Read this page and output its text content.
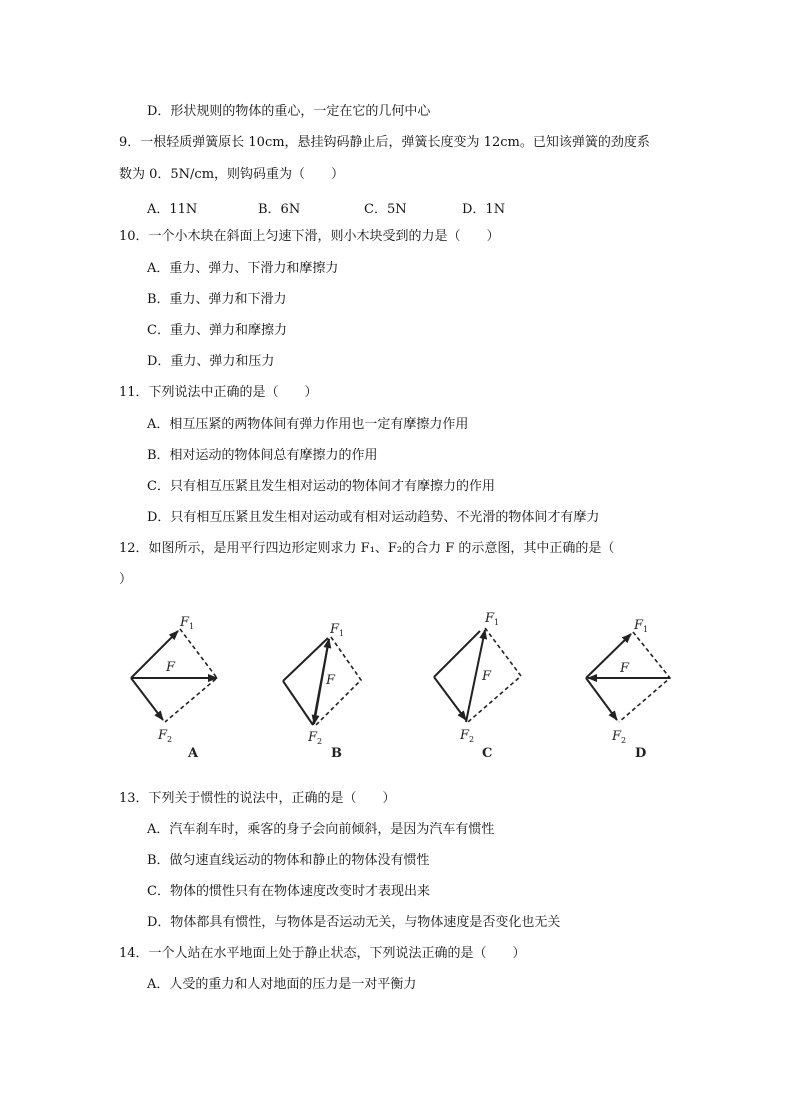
D．形状规则的物体的重心，一定在它的几何中心
9．一根轻质弹簧原长 10cm，悬挂钩码静止后，弹簧长度变为 12cm。已知该弹簧的劲度系
数为 0．5N/cm，则钩码重为（　　）
A．11N	B．6N	C．5N	D．1N
10．一个小木块在斜面上匀速下滑，则小木块受到的力是（　　）
A．重力、弹力、下滑力和摩擦力
B．重力、弹力和下滑力
C．重力、弹力和摩擦力
D．重力、弹力和压力
11．下列说法中正确的是（　　）
A．相互压紧的两物体间有弹力作用也一定有摩擦力作用
B．相对运动的物体间总有摩擦力的作用
C．只有相互压紧且发生相对运动的物体间才有摩擦力的作用
D．只有相互压紧且发生相对运动或有相对运动趋势、不光滑的物体间才有摩力
12．如图所示，是用平行四边形定则求力 F₁、F₂的合力 F 的示意图，其中正确的是（
）
$F_1$
F
$F_2$
A
$F_1$
F
$F_2$
B
$F_1$
F
$F_2$
C
$F_1$
F
$F_2$
D
13．下列关于惯性的说法中，正确的是（　　）
A．汽车刹车时，乘客的身子会向前倾斜，是因为汽车有惯性
B．做匀速直线运动的物体和静止的物体没有惯性
C．物体的惯性只有在物体速度改变时才表现出来
D．物体都具有惯性，与物体是否运动无关，与物体速度是否变化也无关
14．一个人站在水平地面上处于静止状态，下列说法正确的是（　　）
A．人受的重力和人对地面的压力是一对平衡力
